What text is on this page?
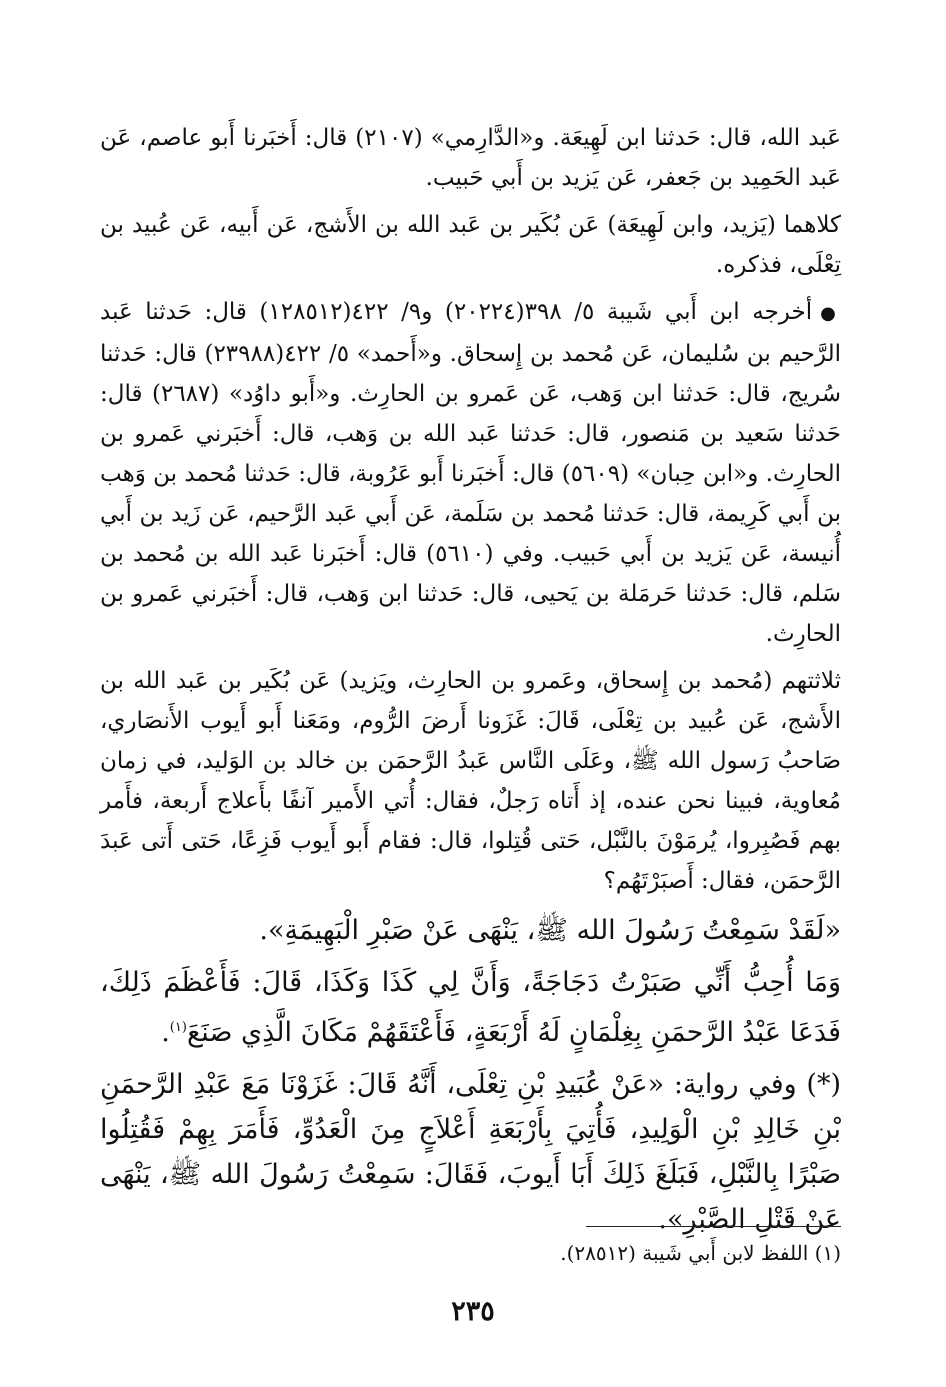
عَبد الله، قال: حَدثنا ابن لَهِيعَة. و«الدَّارِمي» (٢١٠٧) قال: أَخبَرنا أَبو عاصم، عَن عَبد الحَمِيد بن جَعفر، عَن يَزيد بن أَبي حَبيب.

كلاهما (يَزيد، وابن لَهِيعَة) عَن بُكَير بن عَبد الله بن الأَشج، عَن أَبيه، عَن عُبيد بن تِعْلَى، فذكره.

●أخرجه ابن أَبي شَيبة ٥/ ٣٩٨(٢٠٢٢٤) و٩/ ٤٢٢(١٢٨٥١٢) قال: حَدثنا عَبد الرَّحيم بن سُليمان، عَن مُحمد بن إِسحاق. و«أَحمد» ٥/ ٤٢٢(٢٣٩٨٨) قال: حَدثنا سُريج، قال: حَدثنا ابن وَهب، عَن عَمرو بن الحارِث. و«أَبو داوُد» (٢٦٨٧) قال: حَدثنا سَعيد بن مَنصور، قال: حَدثنا عَبد الله بن وَهب، قال: أَخبَرني عَمرو بن الحارِث. و«ابن حِبان» (٥٦٠٩) قال: أَخبَرنا أَبو عَرُوبة، قال: حَدثنا مُحمد بن وَهب بن أَبي كَرِيمة، قال: حَدثنا مُحمد بن سَلَمة، عَن أَبي عَبد الرَّحيم، عَن زَيد بن أَبي أُنيسة، عَن يَزيد بن أَبي حَبيب. وفي (٥٦١٠) قال: أَخبَرنا عَبد الله بن مُحمد بن سَلم، قال: حَدثنا حَرمَلة بن يَحيى، قال: حَدثنا ابن وَهب، قال: أَخبَرني عَمرو بن الحارِث.

ثلاثتهم (مُحمد بن إِسحاق، وعَمرو بن الحارِث، ويَزيد) عَن بُكَير بن عَبد الله بن الأَشج، عَن عُبيد بن تِعْلَى، قَالَ: غَزَونا أَرضَ الرُّوم، ومَعَنا أَبو أَيوب الأَنصَاري، صَاحبُ رَسول الله ﷺ، وعَلَى النَّاس عَبدُ الرَّحمَن بن خالد بن الوَليد، في زمان مُعاوية، فبينا نحن عنده، إذ أَتاه رَجلٌ، فقال: أُتي الأَمير آنفًا بأَعلاج أَربعة، فأَمر بهم فَصُبِروا، يُرمَوْنَ بالنَّبْل، حَتى قُتِلوا، قال: فقام أَبو أَيوب فَزِعًا، حَتى أَتى عَبدَ الرَّحمَن، فقال: أَصبَرْتَهُم؟

«لَقَدْ سَمِعْتُ رَسُولَ الله ﷺ، يَنْهَى عَنْ صَبْرِ الْبَهِيمَةِ».

وَمَا أُحِبُّ أَنِّي صَبَرْتُ دَجَاجَةً، وَأَنَّ لِي كَذَا وَكَذَا، قَالَ: فَأَعْظَمَ ذَلِكَ، فَدَعَا عَبْدُ الرَّحمَنِ بِغِلْمَانٍ لَهُ أَرْبَعَةٍ، فَأَعْتَقَهُمْ مَكَانَ الَّذِي صَنَعَ$^{(١)}$.

(*) وفي رواية: «عَنْ عُبَيدِ بْنِ تِعْلَى، أَنَّهُ قَالَ: غَزَوْنَا مَعَ عَبْدِ الرَّحمَنِ بْنِ خَالِدِ بْنِ الْوَلِيدِ، فَأُتِيَ بِأَرْبَعَةِ أَعْلاَجٍ مِنَ الْعَدُوِّ، فَأَمَرَ بِهِمْ فَقُتِلُوا صَبْرًا بِالنَّبْلِ، فَبَلَغَ ذَلِكَ أَبَا أَيوبَ، فَقَالَ: سَمِعْتُ رَسُولَ الله ﷺ، يَنْهَى عَنْ قَتْلِ الصَّبْرِ».

(١) اللفظ لابن أَبي شَيبة (٢٨٥١٢).
٢٣٥
